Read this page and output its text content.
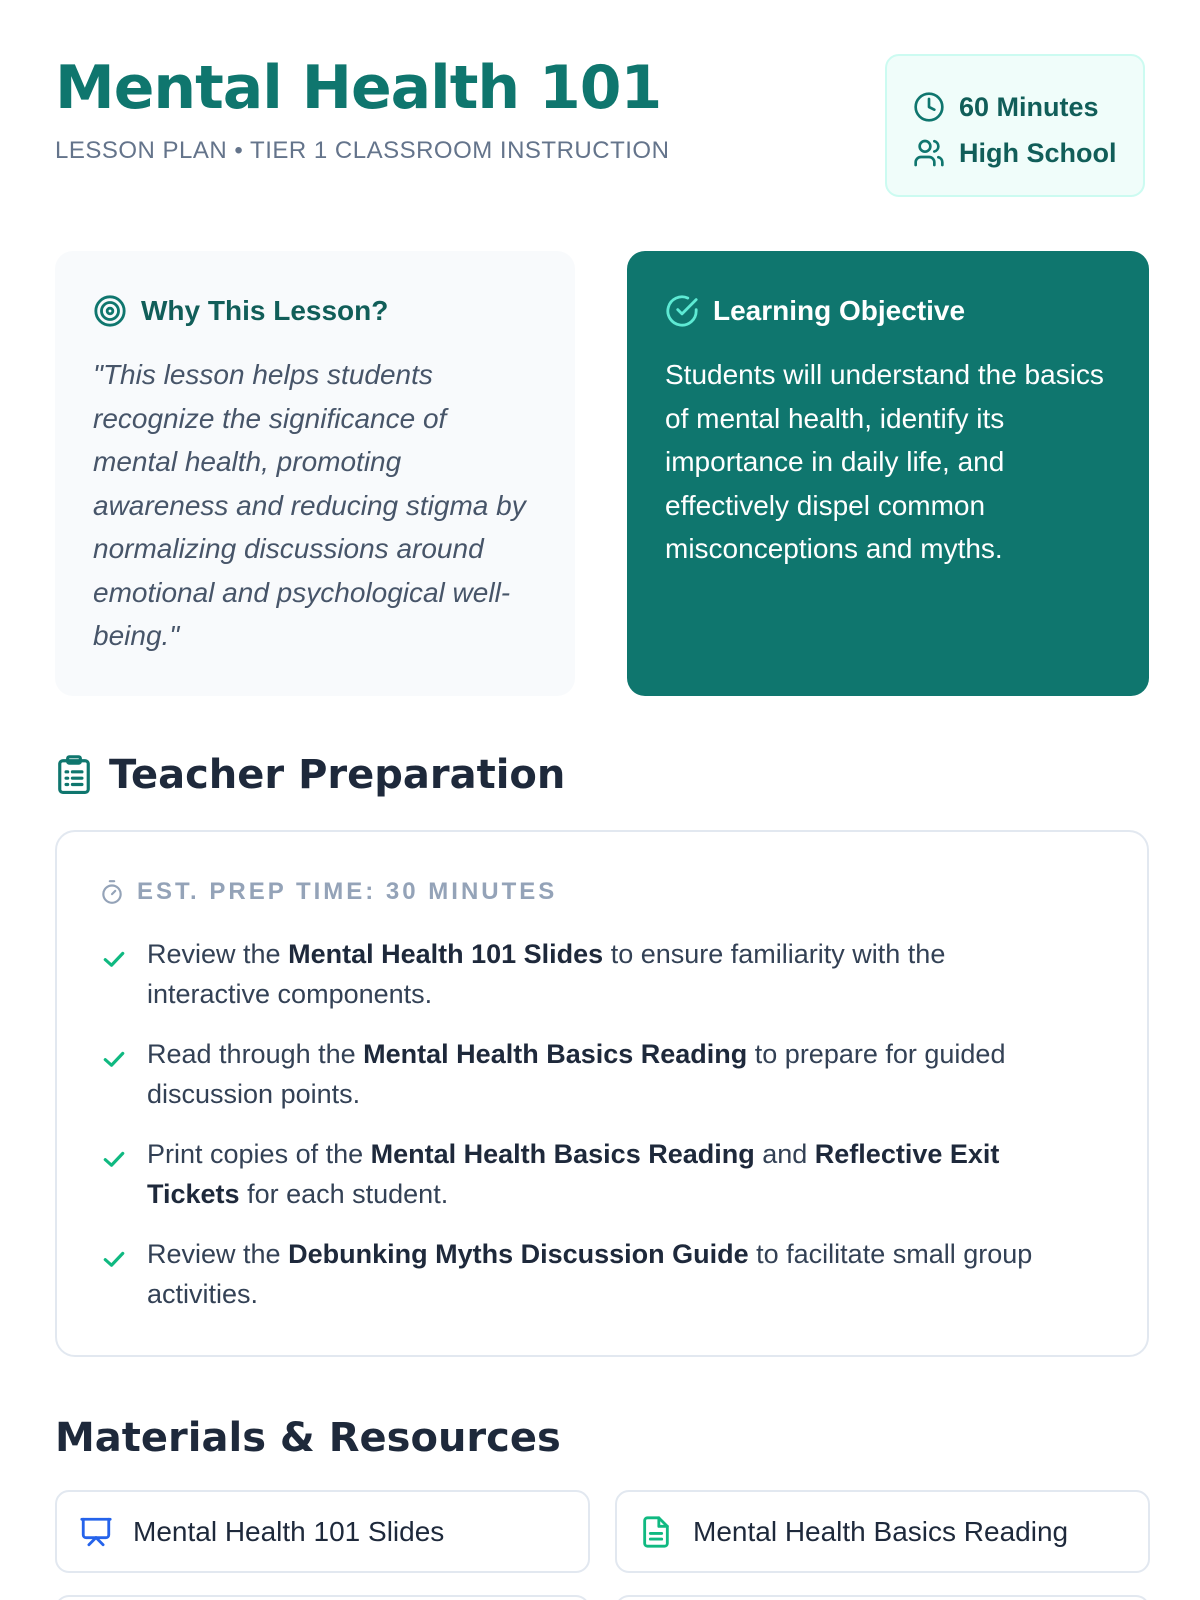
Mental Health 101
LESSON PLAN • TIER 1 CLASSROOM INSTRUCTION
60 Minutes
High School
Why This Lesson?

"This lesson helps students recognize the significance of mental health, promoting awareness and reducing stigma by normalizing discussions around emotional and psychological well-being."

Learning Objective

Students will understand the basics of mental health, identify its importance in daily life, and effectively dispel common misconceptions and myths.

Teacher Preparation
EST. PREP TIME: 30 MINUTES
Review the Mental Health 101 Slides to ensure familiarity with the interactive components.
Read through the Mental Health Basics Reading to prepare for guided discussion points.
Print copies of the Mental Health Basics Reading and Reflective Exit Tickets for each student.
Review the Debunking Myths Discussion Guide to facilitate small group activities.
Materials & Resources
Mental Health 101 Slides	Mental Health Basics Reading
